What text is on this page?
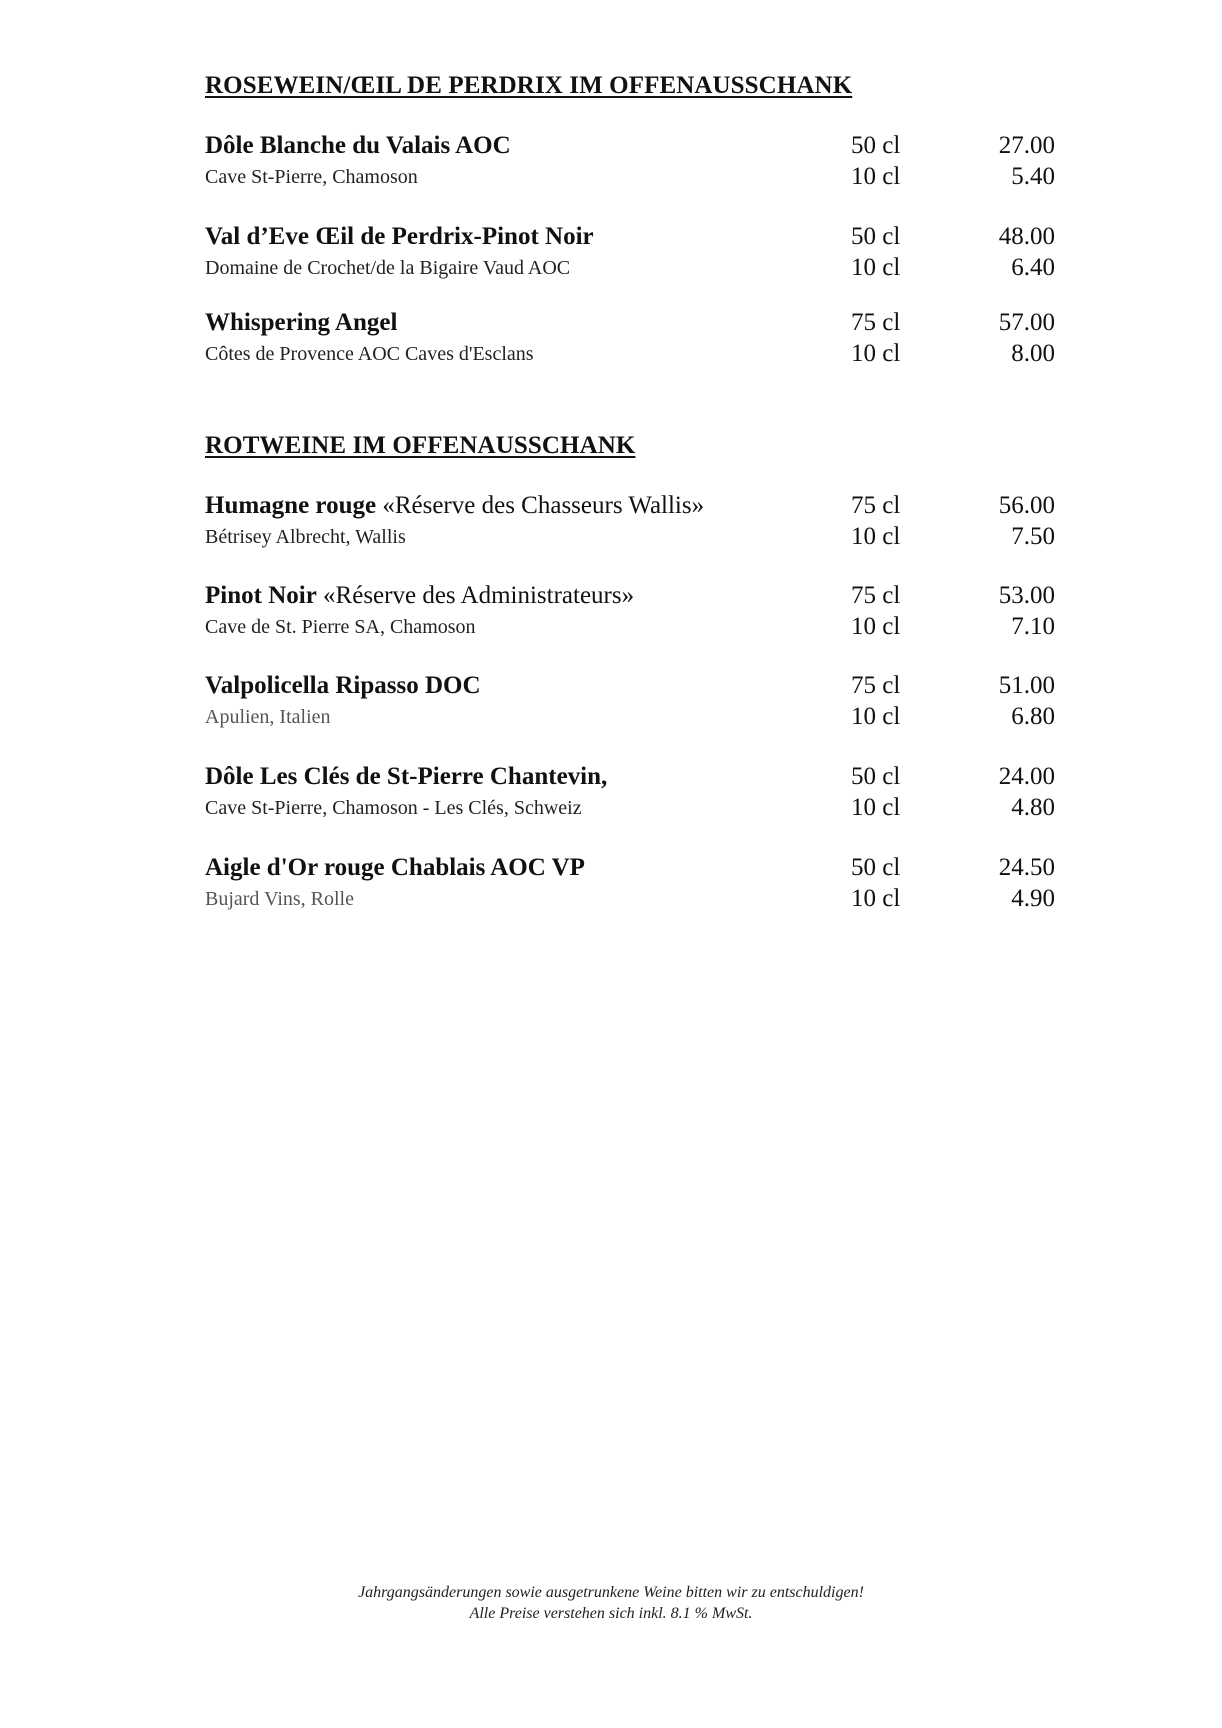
ROSEWEIN/ŒIL DE PERDRIX IM OFFENAUSSCHANK
Dôle Blanche du Valais AOC	50 cl	27.00
Cave St-Pierre, Chamoson	10 cl	5.40
Val d’Eve Œil de Perdrix-Pinot Noir	50 cl	48.00
Domaine de Crochet/de la Bigaire Vaud AOC	10 cl	6.40
Whispering Angel	75 cl	57.00
Côtes de Provence AOC Caves d'Esclans	10 cl	8.00
ROTWEINE IM OFFENAUSSCHANK
Humagne rouge «Réserve des Chasseurs Wallis»	75 cl	56.00
Bétrisey Albrecht, Wallis	10 cl	7.50
Pinot Noir «Réserve des Administrateurs»	75 cl	53.00
Cave de St. Pierre SA, Chamoson	10 cl	7.10
Valpolicella Ripasso DOC	75 cl	51.00
Apulien, Italien	10 cl	6.80
Dôle Les Clés de St-Pierre Chantevin,	50 cl	24.00
Cave St-Pierre, Chamoson - Les Clés, Schweiz	10 cl	4.80
Aigle d'Or rouge Chablais AOC VP	50 cl	24.50
Bujard Vins, Rolle	10 cl	4.90
Jahrgangsänderungen sowie ausgetrunkene Weine bitten wir zu entschuldigen!
Alle Preise verstehen sich inkl. 8.1 % MwSt.
